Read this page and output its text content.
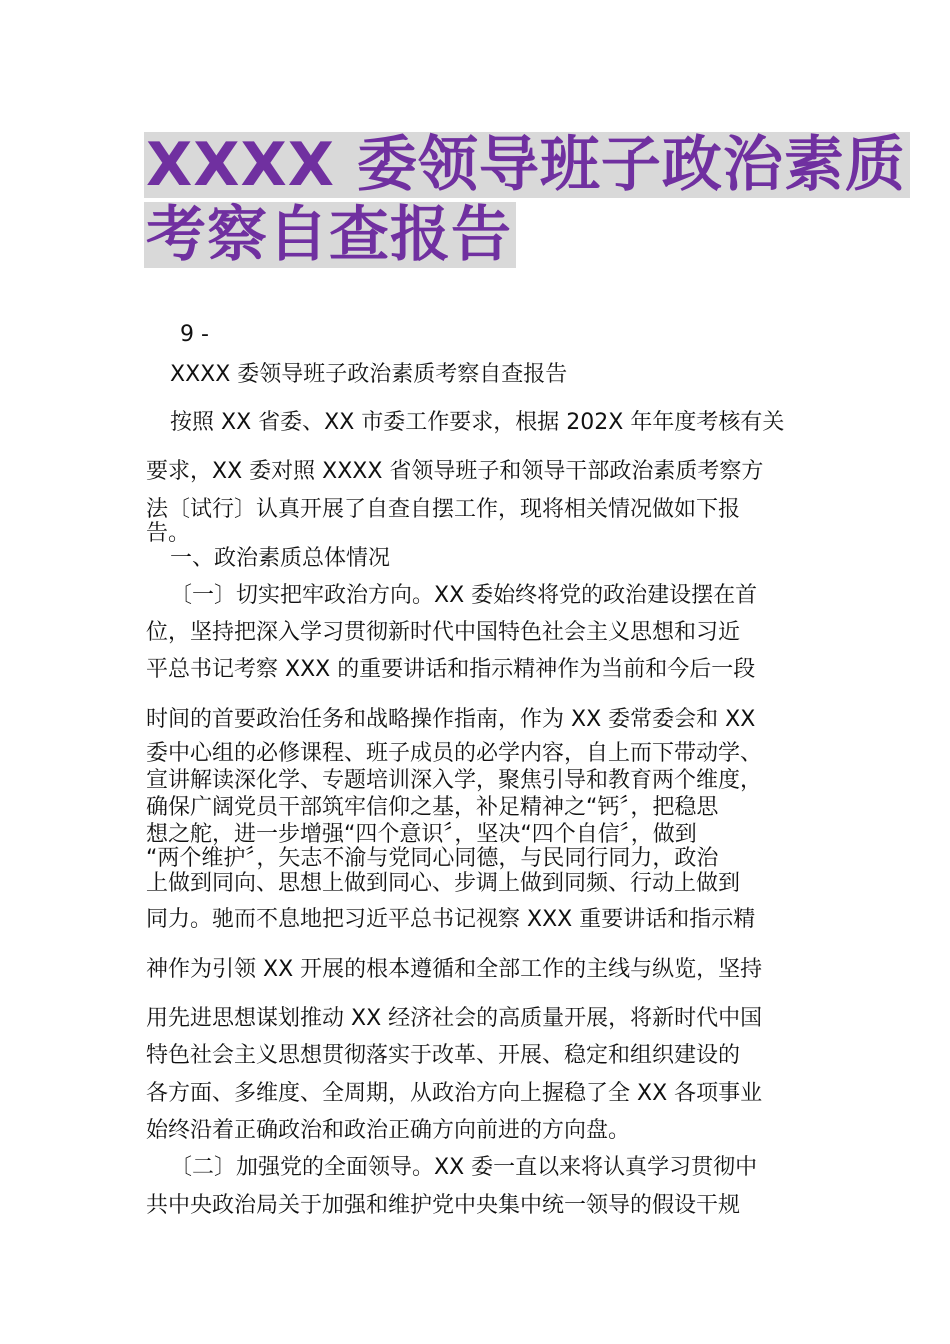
XXXX 委领导班子政治素质
考察自查报告
9 -
XXXX 委领导班子政治素质考察自查报告
按照 XX 省委、XX 市委工作要求，根据 202X 年年度考核有关
要求，XX 委对照 XXXX 省领导班子和领导干部政治素质考察方
法〔试行〕认真开展了自查自摆工作，现将相关情况做如下报
告。
一、政治素质总体情况
〔一〕切实把牢政治方向。XX 委始终将党的政治建设摆在首
位，坚持把深入学习贯彻新时代中国特色社会主义思想和习近
平总书记考察 XXX 的重要讲话和指示精神作为当前和今后一段
时间的首要政治任务和战略操作指南，作为 XX 委常委会和 XX
委中心组的必修课程、班子成员的必学内容，自上而下带动学、
宣讲解读深化学、专题培训深入学，聚焦引导和教育两个维度，
确保广阔党员干部筑牢信仰之基，补足精神之“钙〞，把稳思
想之舵，进一步增强“四个意识〞，坚决“四个自信〞，做到
“两个维护〞，矢志不渝与党同心同德，与民同行同力，政治
上做到同向、思想上做到同心、步调上做到同频、行动上做到
同力。驰而不息地把习近平总书记视察 XXX 重要讲话和指示精
神作为引领 XX 开展的根本遵循和全部工作的主线与纵览，坚持
用先进思想谋划推动 XX 经济社会的高质量开展，将新时代中国
特色社会主义思想贯彻落实于改革、开展、稳定和组织建设的
各方面、多维度、全周期，从政治方向上握稳了全 XX 各项事业
始终沿着正确政治和政治正确方向前进的方向盘。
〔二〕加强党的全面领导。XX 委一直以来将认真学习贯彻中
共中央政治局关于加强和维护党中央集中统一领导的假设干规
